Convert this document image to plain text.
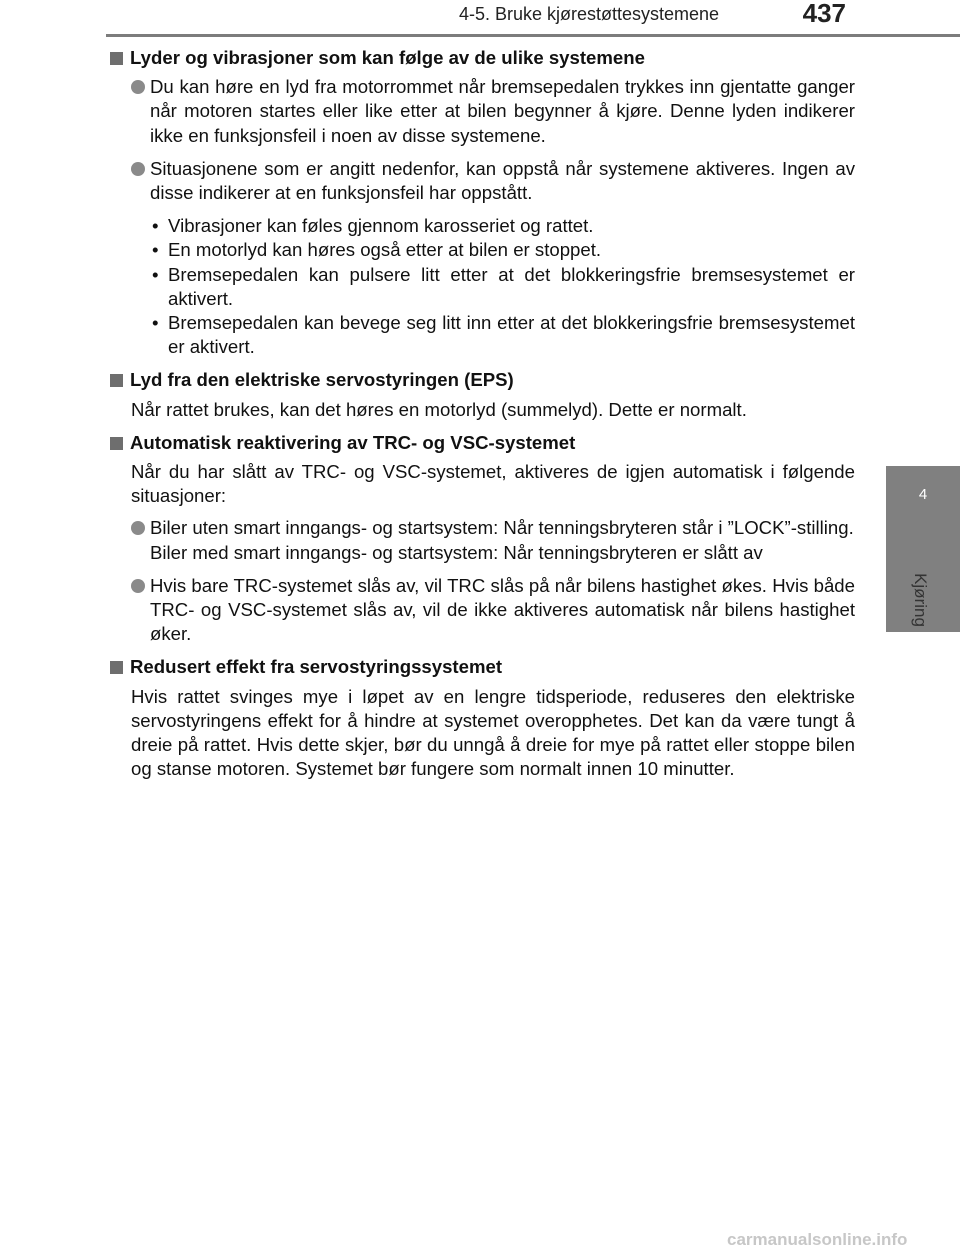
4-5. Bruke kjørestøttesystemene	437
4
Kjøring
Lyder og vibrasjoner som kan følge av de ulike systemene
Du kan høre en lyd fra motorrommet når bremsepedalen trykkes inn gjentatte ganger når motoren startes eller like etter at bilen begynner å kjøre. Denne lyden indikerer ikke en funksjonsfeil i noen av disse systemene.
Situasjonene som er angitt nedenfor, kan oppstå når systemene aktiveres. Ingen av disse indikerer at en funksjonsfeil har oppstått.
• Vibrasjoner kan føles gjennom karosseriet og rattet.
• En motorlyd kan høres også etter at bilen er stoppet.
• Bremsepedalen kan pulsere litt etter at det blokkeringsfrie bremsesystemet er aktivert.
• Bremsepedalen kan bevege seg litt inn etter at det blokkeringsfrie bremsesystemet er aktivert.
Lyd fra den elektriske servostyringen (EPS)
Når rattet brukes, kan det høres en motorlyd (summelyd). Dette er normalt.
Automatisk reaktivering av TRC- og VSC-systemet
Når du har slått av TRC- og VSC-systemet, aktiveres de igjen automatisk i følgende situasjoner:
Biler uten smart inngangs- og startsystem: Når tenningsbryteren står i ”LOCK”-stilling.
Biler med smart inngangs- og startsystem: Når tenningsbryteren er slått av
Hvis bare TRC-systemet slås av, vil TRC slås på når bilens hastighet økes. Hvis både TRC- og VSC-systemet slås av, vil de ikke aktiveres automatisk når bilens hastighet øker.
Redusert effekt fra servostyringssystemet
Hvis rattet svinges mye i løpet av en lengre tidsperiode, reduseres den elektriske servostyringens effekt for å hindre at systemet overopphetes. Det kan da være tungt å dreie på rattet. Hvis dette skjer, bør du unngå å dreie for mye på rattet eller stoppe bilen og stanse motoren. Systemet bør fungere som normalt innen 10 minutter.
carmanualsonline.info
